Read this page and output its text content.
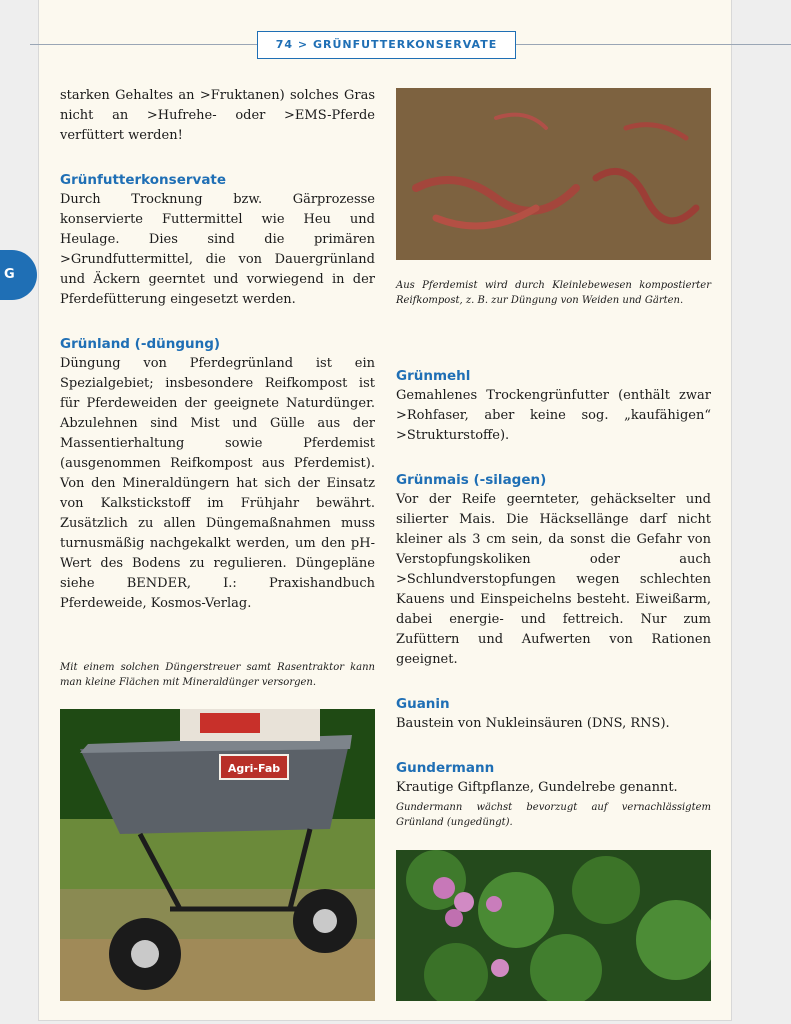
74 > GRÜNFUTTERKONSERVATE
G

starken Gehaltes an >Fruktanen) solches Gras nicht an >Hufrehe- oder >EMS-Pferde verfüttert werden!

Grünfutterkonservate

Durch Trocknung bzw. Gärprozesse konservierte Futtermittel wie Heu und Heulage. Dies sind die primären >Grundfuttermittel, die von Dauergrünland und Äckern geerntet und vorwiegend in der Pferdefütterung eingesetzt werden.

Grünland (-düngung)

Düngung von Pferdegrünland ist ein Spezialgebiet; insbesondere Reifkompost ist für Pferdeweiden der geeignete Naturdünger. Abzulehnen sind Mist und Gülle aus der Massentierhaltung sowie Pferdemist (ausgenommen Reifkompost aus Pferdemist). Von den Mineraldüngern hat sich der Einsatz von Kalkstickstoff im Frühjahr bewährt. Zusätzlich zu allen Düngemaßnahmen muss turnusmäßig nachgekalkt werden, um den pH-Wert des Bodens zu regulieren. Düngepläne siehe BENDER, I.: Praxishandbuch Pferdeweide, Kosmos-Verlag.

Mit einem solchen Düngerstreuer samt Rasentraktor kann man kleine Flächen mit Mineraldünger versorgen.

Agri-Fab

Aus Pferdemist wird durch Kleinlebewesen kompostierter Reifkompost, z. B. zur Düngung von Weiden und Gärten.

Grünmehl

Gemahlenes Trockengrünfutter (enthält zwar >Rohfaser, aber keine sog. „kaufähigen“ >Strukturstoffe).

Grünmais (-silagen)

Vor der Reife geernteter, gehäckselter und silierter Mais. Die Häcksellänge darf nicht kleiner als 3 cm sein, da sonst die Gefahr von Verstopfungskoliken oder auch >Schlundverstopfungen wegen schlechten Kauens und Einspeichelns besteht. Eiweißarm, dabei energie- und fettreich. Nur zum Zufüttern und Aufwerten von Rationen geeignet.

Guanin

Baustein von Nukleinsäuren (DNS, RNS).

Gundermann

Krautige Giftpflanze, Gundelrebe genannt.

Gundermann wächst bevorzugt auf vernachlässigtem Grünland (ungedüngt).
